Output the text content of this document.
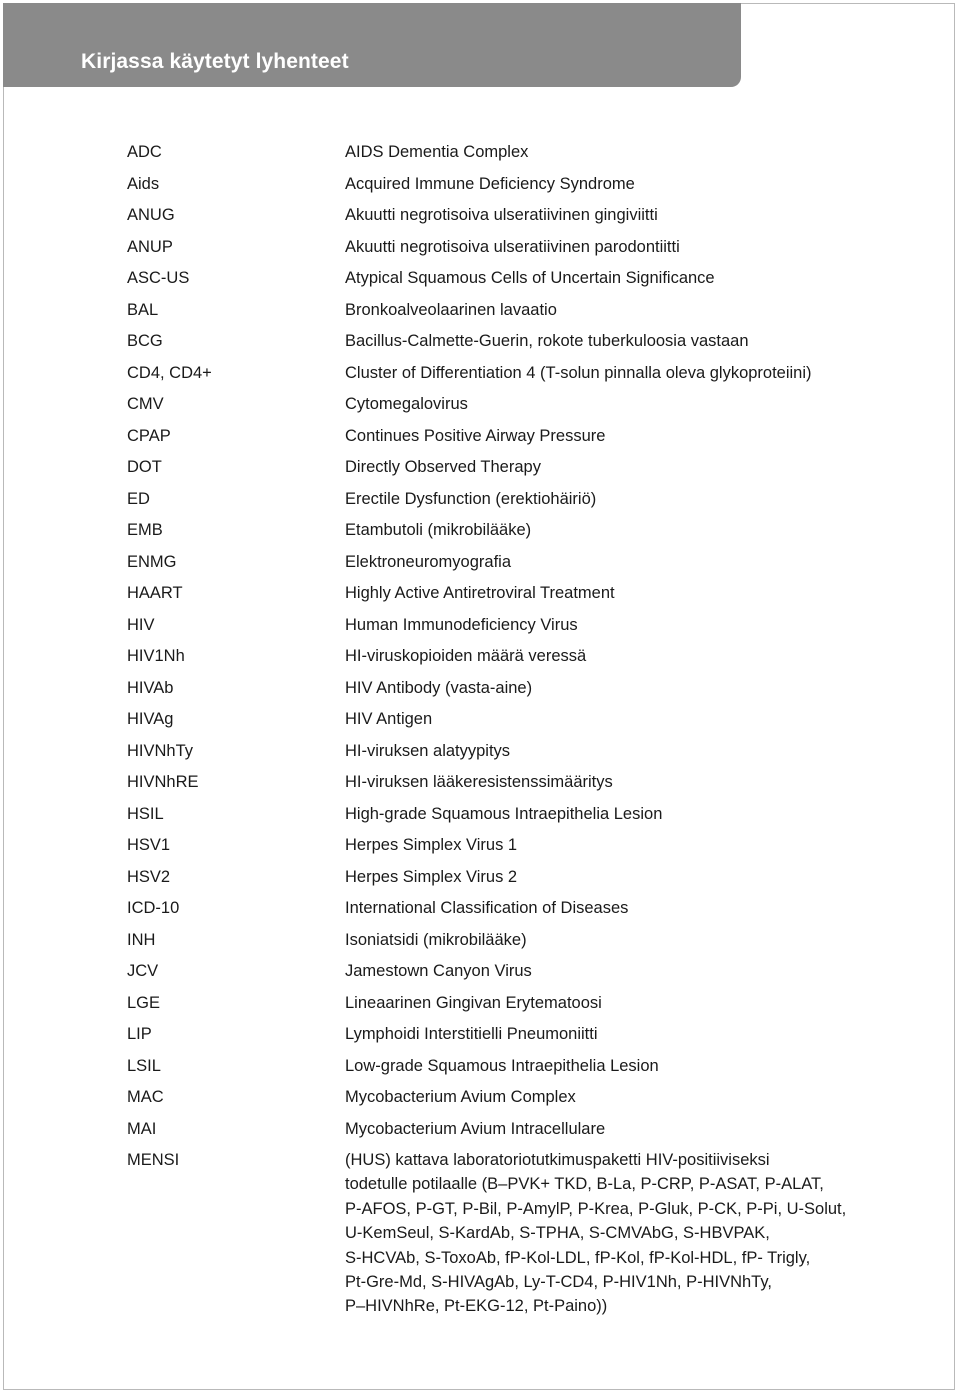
Kirjassa käytetyt lyhenteet
ADC	AIDS Dementia Complex
Aids	Acquired Immune Deficiency Syndrome
ANUG	Akuutti negrotisoiva ulseratiivinen gingiviitti
ANUP	Akuutti negrotisoiva ulseratiivinen parodontiitti
ASC-US	Atypical Squamous Cells of Uncertain Significance
BAL	Bronkoalveolaarinen lavaatio
BCG	Bacillus-Calmette-Guerin, rokote tuberkuloosia vastaan
CD4, CD4+	Cluster of Differentiation 4 (T-solun pinnalla oleva glykoproteiini)
CMV	Cytomegalovirus
CPAP	Continues Positive Airway Pressure
DOT	Directly Observed Therapy
ED	Erectile Dysfunction (erektiohäiriö)
EMB	Etambutoli (mikrobilääke)
ENMG	Elektroneuromyografia
HAART	Highly Active Antiretroviral Treatment
HIV	Human Immunodeficiency Virus
HIV1Nh	HI-viruskopioiden määrä veressä
HIVAb	HIV Antibody (vasta-aine)
HIVAg	HIV Antigen
HIVNhTy	HI-viruksen alatyypitys
HIVNhRE	HI-viruksen lääkeresistenssimääritys
HSIL	High-grade Squamous Intraepithelia Lesion
HSV1	Herpes Simplex Virus 1
HSV2	Herpes Simplex Virus 2
ICD-10	International Classification of Diseases
INH	Isoniatsidi (mikrobilääke)
JCV	Jamestown Canyon Virus
LGE	Lineaarinen Gingivan Erytematoosi
LIP	Lymphoidi Interstitielli Pneumoniitti
LSIL	Low-grade Squamous Intraepithelia Lesion
MAC	Mycobacterium Avium Complex
MAI	Mycobacterium Avium Intracellulare
MENSI	(HUS) kattava laboratoriotutkimuspaketti HIV-positiiviseksi
todetulle potilaalle (B–PVK+ TKD, B-La, P-CRP, P-ASAT, P-ALAT,
P-AFOS, P-GT, P-Bil, P-AmylP, P-Krea, P-Gluk, P-CK, P-Pi, U-Solut,
U-KemSeul, S-KardAb, S-TPHA, S-CMVAbG, S-HBVPAK,
S-HCVAb, S-ToxoAb, fP-Kol-LDL, fP-Kol, fP-Kol-HDL, fP- Trigly,
Pt-Gre-Md, S-HIVAgAb, Ly-T-CD4, P-HIV1Nh, P-HIVNhTy,
P–HIVNhRe, Pt-EKG-12, Pt-Paino))
